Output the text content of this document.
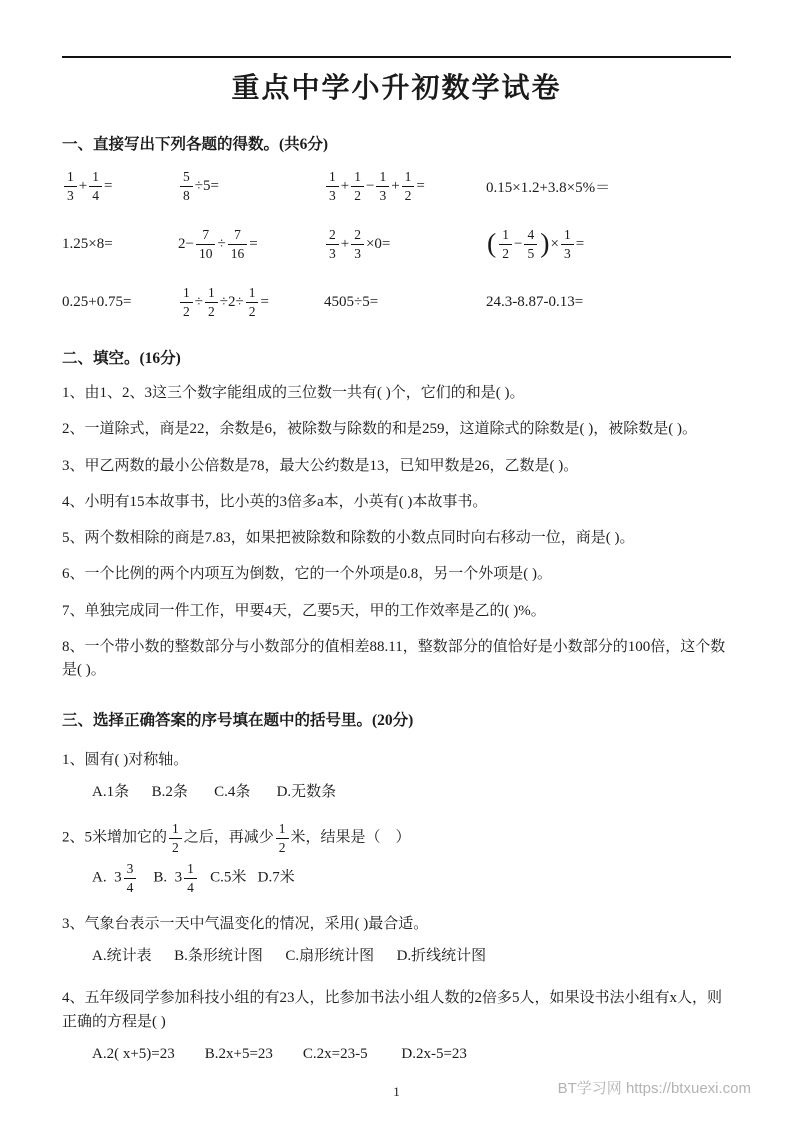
重点中学小升初数学试卷
一、直接写出下列各题的得数。(共6分)
$\frac{1}{3} + \frac{1}{4}$ =	$\frac{5}{8} \div 5=$	$\frac{1}{3} + \frac{1}{2} - \frac{1}{3} + \frac{1}{2}$ =	0.15×1.2+3.8×5%＝
1.25×8=	$2- \frac{7}{10} \div \frac{7}{16}$ =	$\frac{2}{3} + \frac{2}{3} \times 0=$	( $\frac{1}{2} - \frac{4}{5}$ ) × $\frac{1}{3}$ =
0.25+0.75=	$\frac{1}{2} \div \frac{1}{2} \div 2\div \frac{1}{2}$ =	4505÷5=	24.3-8.87-0.13=
二、填空。(16分)
1、由1、2、3这三个数字能组成的三位数一共有( )个，它们的和是( )。
2、一道除式，商是22，余数是6，被除数与除数的和是259，这道除式的除数是( )，被除数是( )。
3、甲乙两数的最小公倍数是78，最大公约数是13，已知甲数是26，乙数是( )。
4、小明有15本故事书，比小英的3倍多a本，小英有( )本故事书。
5、两个数相除的商是7.83，如果把被除数和除数的小数点同时向右移动一位，商是( )。
6、一个比例的两个内项互为倒数，它的一个外项是0.8，另一个外项是( )。
7、单独完成同一件工作，甲要4天，乙要5天，甲的工作效率是乙的( )%。
8、一个带小数的整数部分与小数部分的值相差88.11，整数部分的值恰好是小数部分的100倍，这个数是( )。
三、选择正确答案的序号填在题中的括号里。(20分)
1、圆有( )对称轴。
A.1条      B.2条       C.4条       D.无数条
2、5米增加它的 $\frac{1}{2}$ 之后，再减少 $\frac{1}{2}$ 米，结果是（    ）
A.  $3 \frac{3}{4} B$.  $3 \frac{1}{4} C.5$米   D.7米
3、气象台表示一天中气温变化的情况，采用( )最合适。
A.统计表      B.条形统计图      C.扇形统计图      D.折线统计图
4、五年级同学参加科技小组的有23人，比参加书法小组人数的2倍多5人，如果设书法小组有x人，则正确的方程是( )
A.2( x+5)=23        B.2x+5=23        C.2x=23-5         D.2x-5=23
1	BT学习网 https://btxuexi.com
